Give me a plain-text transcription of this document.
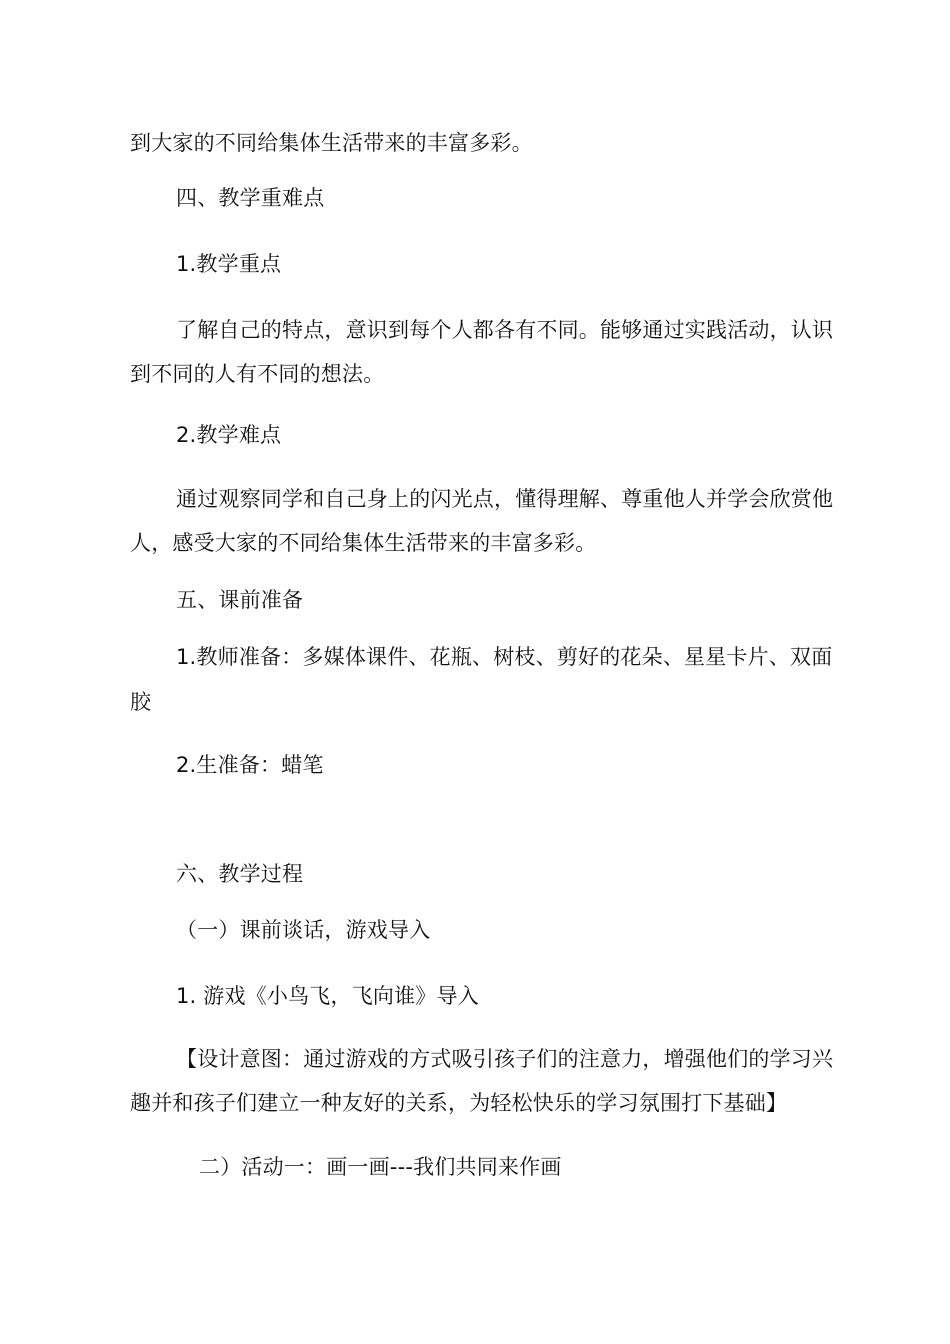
到大家的不同给集体生活带来的丰富多彩。
四、教学重难点
1.教学重点
了解自己的特点，意识到每个人都各有不同。能够通过实践活动，认识
到不同的人有不同的想法。
2.教学难点
通过观察同学和自己身上的闪光点，懂得理解、尊重他人并学会欣赏他
人，感受大家的不同给集体生活带来的丰富多彩。
五、课前准备
1.教师准备：多媒体课件、花瓶、树枝、剪好的花朵、星星卡片、双面
胶
2.生准备：蜡笔
六、教学过程
（一）课前谈话，游戏导入
1. 游戏《小鸟飞，飞向谁》导入
【设计意图：通过游戏的方式吸引孩子们的注意力，增强他们的学习兴
趣并和孩子们建立一种友好的关系，为轻松快乐的学习氛围打下基础】
二）活动一：画一画---我们共同来作画
